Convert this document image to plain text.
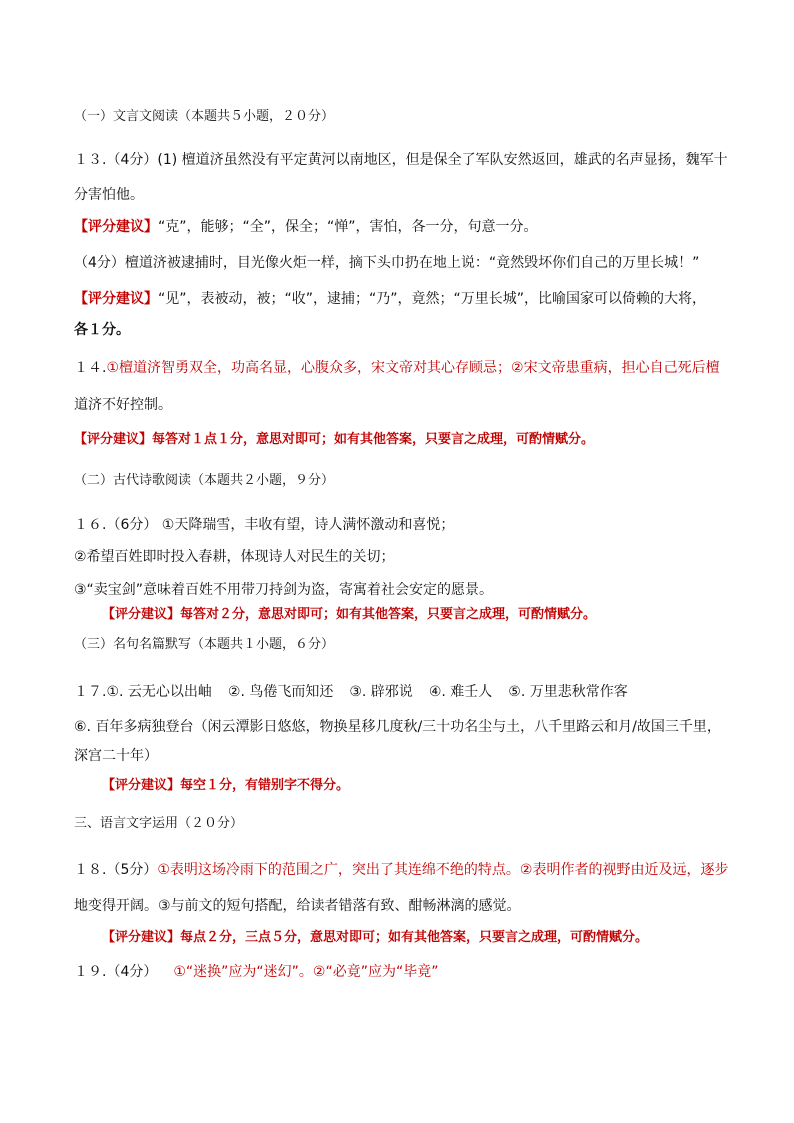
（一）文言文阅读（本题共５小题，２０分）
１３.（4分）(1) 檀道济虽然没有平定黄河以南地区，但是保全了军队安然返回，雄武的名声显扬，魏军十
分害怕他。
【评分建议】“克”，能够；“全”，保全；“惮”，害怕，各一分，句意一分。
（4分）檀道济被逮捕时，目光像火炬一样，摘下头巾扔在地上说：“竟然毁坏你们自己的万里长城！”
【评分建议】“见”，表被动，被；“收”，逮捕；“乃”，竟然；“万里长城”，比喻国家可以倚赖的大将，
各１分。
１４.①檀道济智勇双全，功高名显，心腹众多，宋文帝对其心存顾忌；②宋文帝患重病，担心自己死后檀
道济不好控制。
【评分建议】每答对１点１分，意思对即可；如有其他答案，只要言之成理，可酌情赋分。
（二）古代诗歌阅读（本题共２小题，９分）
１６.（6分） ①天降瑞雪，丰收有望，诗人满怀激动和喜悦；
②希望百姓即时投入春耕，体现诗人对民生的关切；
③“卖宝剑”意味着百姓不用带刀持剑为盗，寄寓着社会安定的愿景。
【评分建议】每答对２分，意思对即可；如有其他答案，只要言之成理，可酌情赋分。
（三）名句名篇默写（本题共１小题，６分）
１７.①. 云无心以出岫 ②. 鸟倦飞而知还 ③. 辟邪说 ④. 难壬人 ⑤. 万里悲秋常作客
⑥. 百年多病独登台（闲云潭影日悠悠，物换星移几度秋/三十功名尘与土，八千里路云和月/故国三千里，
深宫二十年）
【评分建议】每空１分，有错别字不得分。
三、语言文字运用（２０分）
１８.（5分）①表明这场冷雨下的范围之广，突出了其连绵不绝的特点。②表明作者的视野由近及远，逐步
地变得开阔。③与前文的短句搭配，给读者错落有致、酣畅淋漓的感觉。
【评分建议】每点２分，三点５分，意思对即可；如有其他答案，只要言之成理，可酌情赋分。
１９.（4分） ①“迷换”应为“迷幻”。②“必竟”应为“毕竟”
